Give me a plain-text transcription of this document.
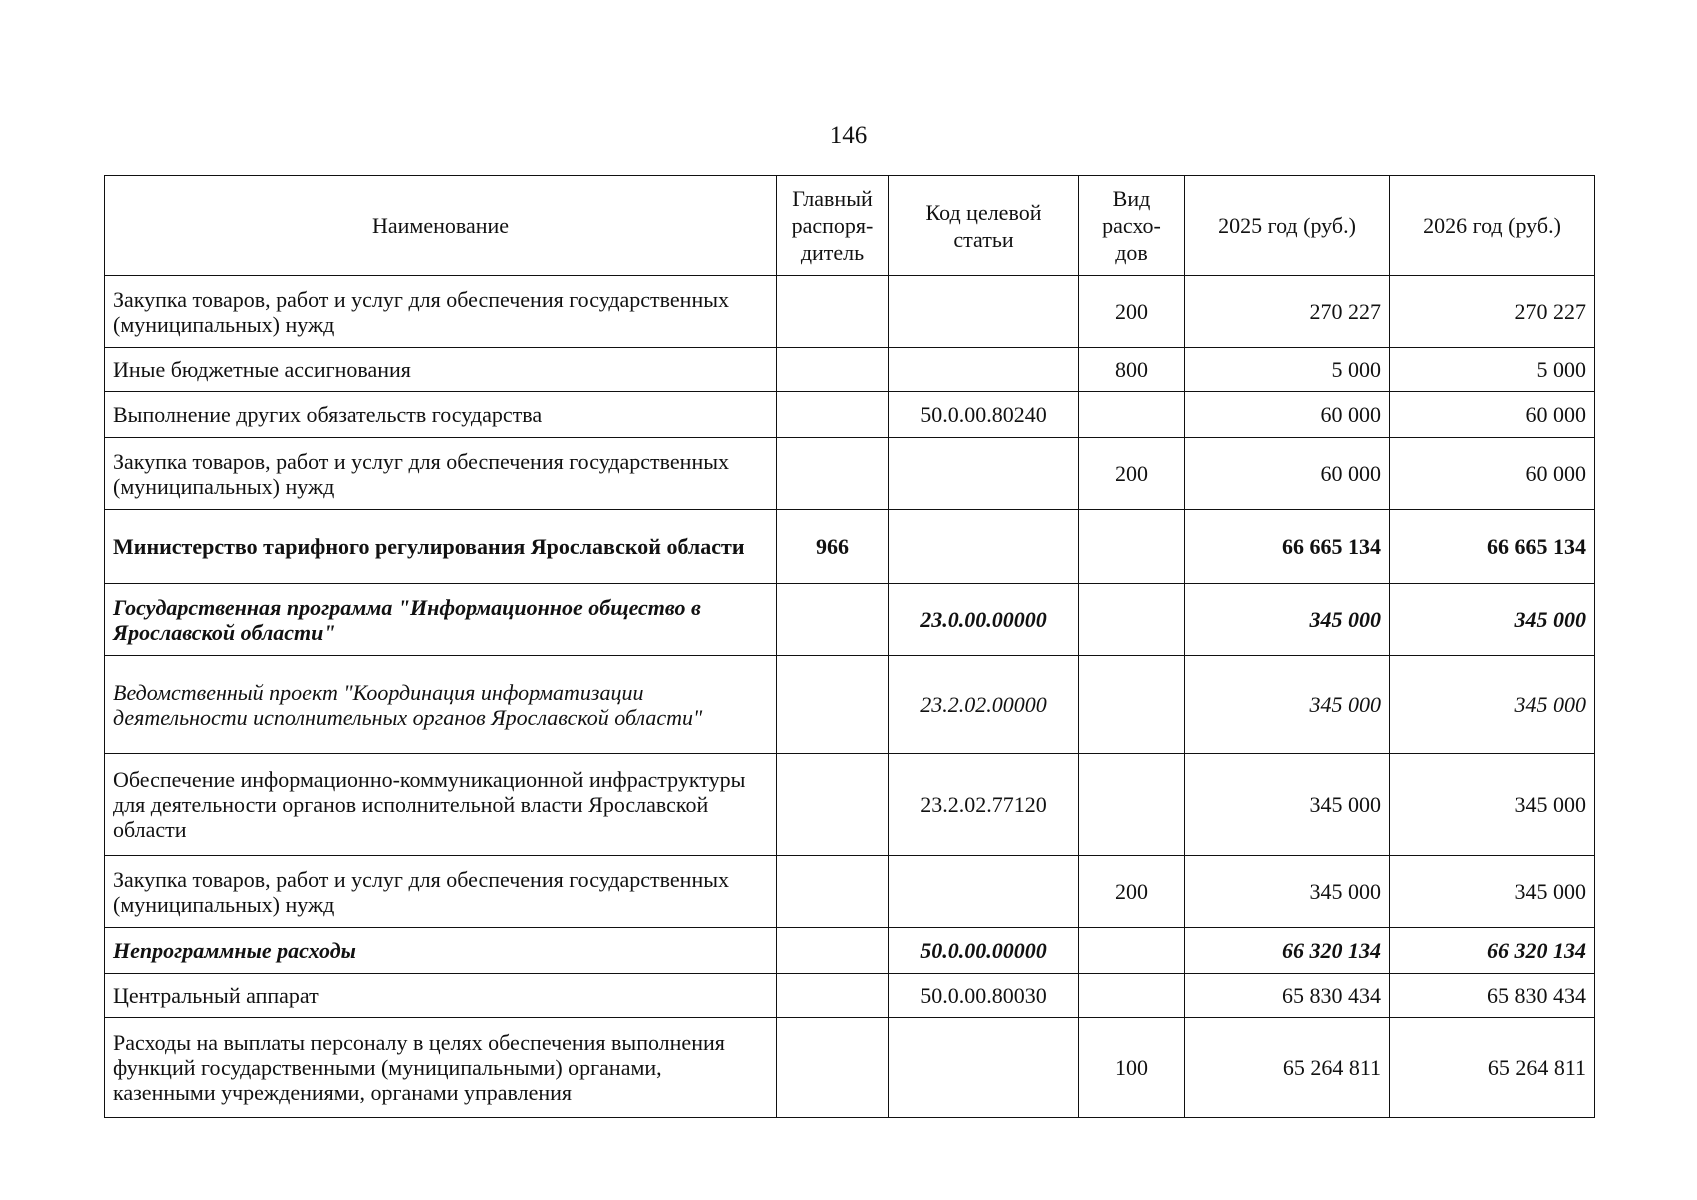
146
Наименование	Главный распоря-дитель	Код целевой статьи	Вид расхо-дов	2025 год (руб.)	2026 год (руб.)
Закупка товаров, работ и услуг для обеспечения государственных (муниципальных) нужд			200	270 227	270 227
Иные бюджетные ассигнования			800	5 000	5 000
Выполнение других обязательств государства		50.0.00.80240		60 000	60 000
Закупка товаров, работ и услуг для обеспечения государственных (муниципальных) нужд			200	60 000	60 000
Министерство тарифного регулирования Ярославской области	966			66 665 134	66 665 134
Государственная программа "Информационное общество в Ярославской области"		23.0.00.00000		345 000	345 000
Ведомственный проект "Координация информатизации деятельности исполнительных органов Ярославской области"		23.2.02.00000		345 000	345 000
Обеспечение информационно-коммуникационной инфраструктуры для деятельности органов исполнительной власти Ярославской области		23.2.02.77120		345 000	345 000
Закупка товаров, работ и услуг для обеспечения государственных (муниципальных) нужд			200	345 000	345 000
Непрограммные расходы		50.0.00.00000		66 320 134	66 320 134
Центральный аппарат		50.0.00.80030		65 830 434	65 830 434
Расходы на выплаты персоналу в целях обеспечения выполнения функций государственными (муниципальными) органами, казенными учреждениями, органами управления			100	65 264 811	65 264 811
